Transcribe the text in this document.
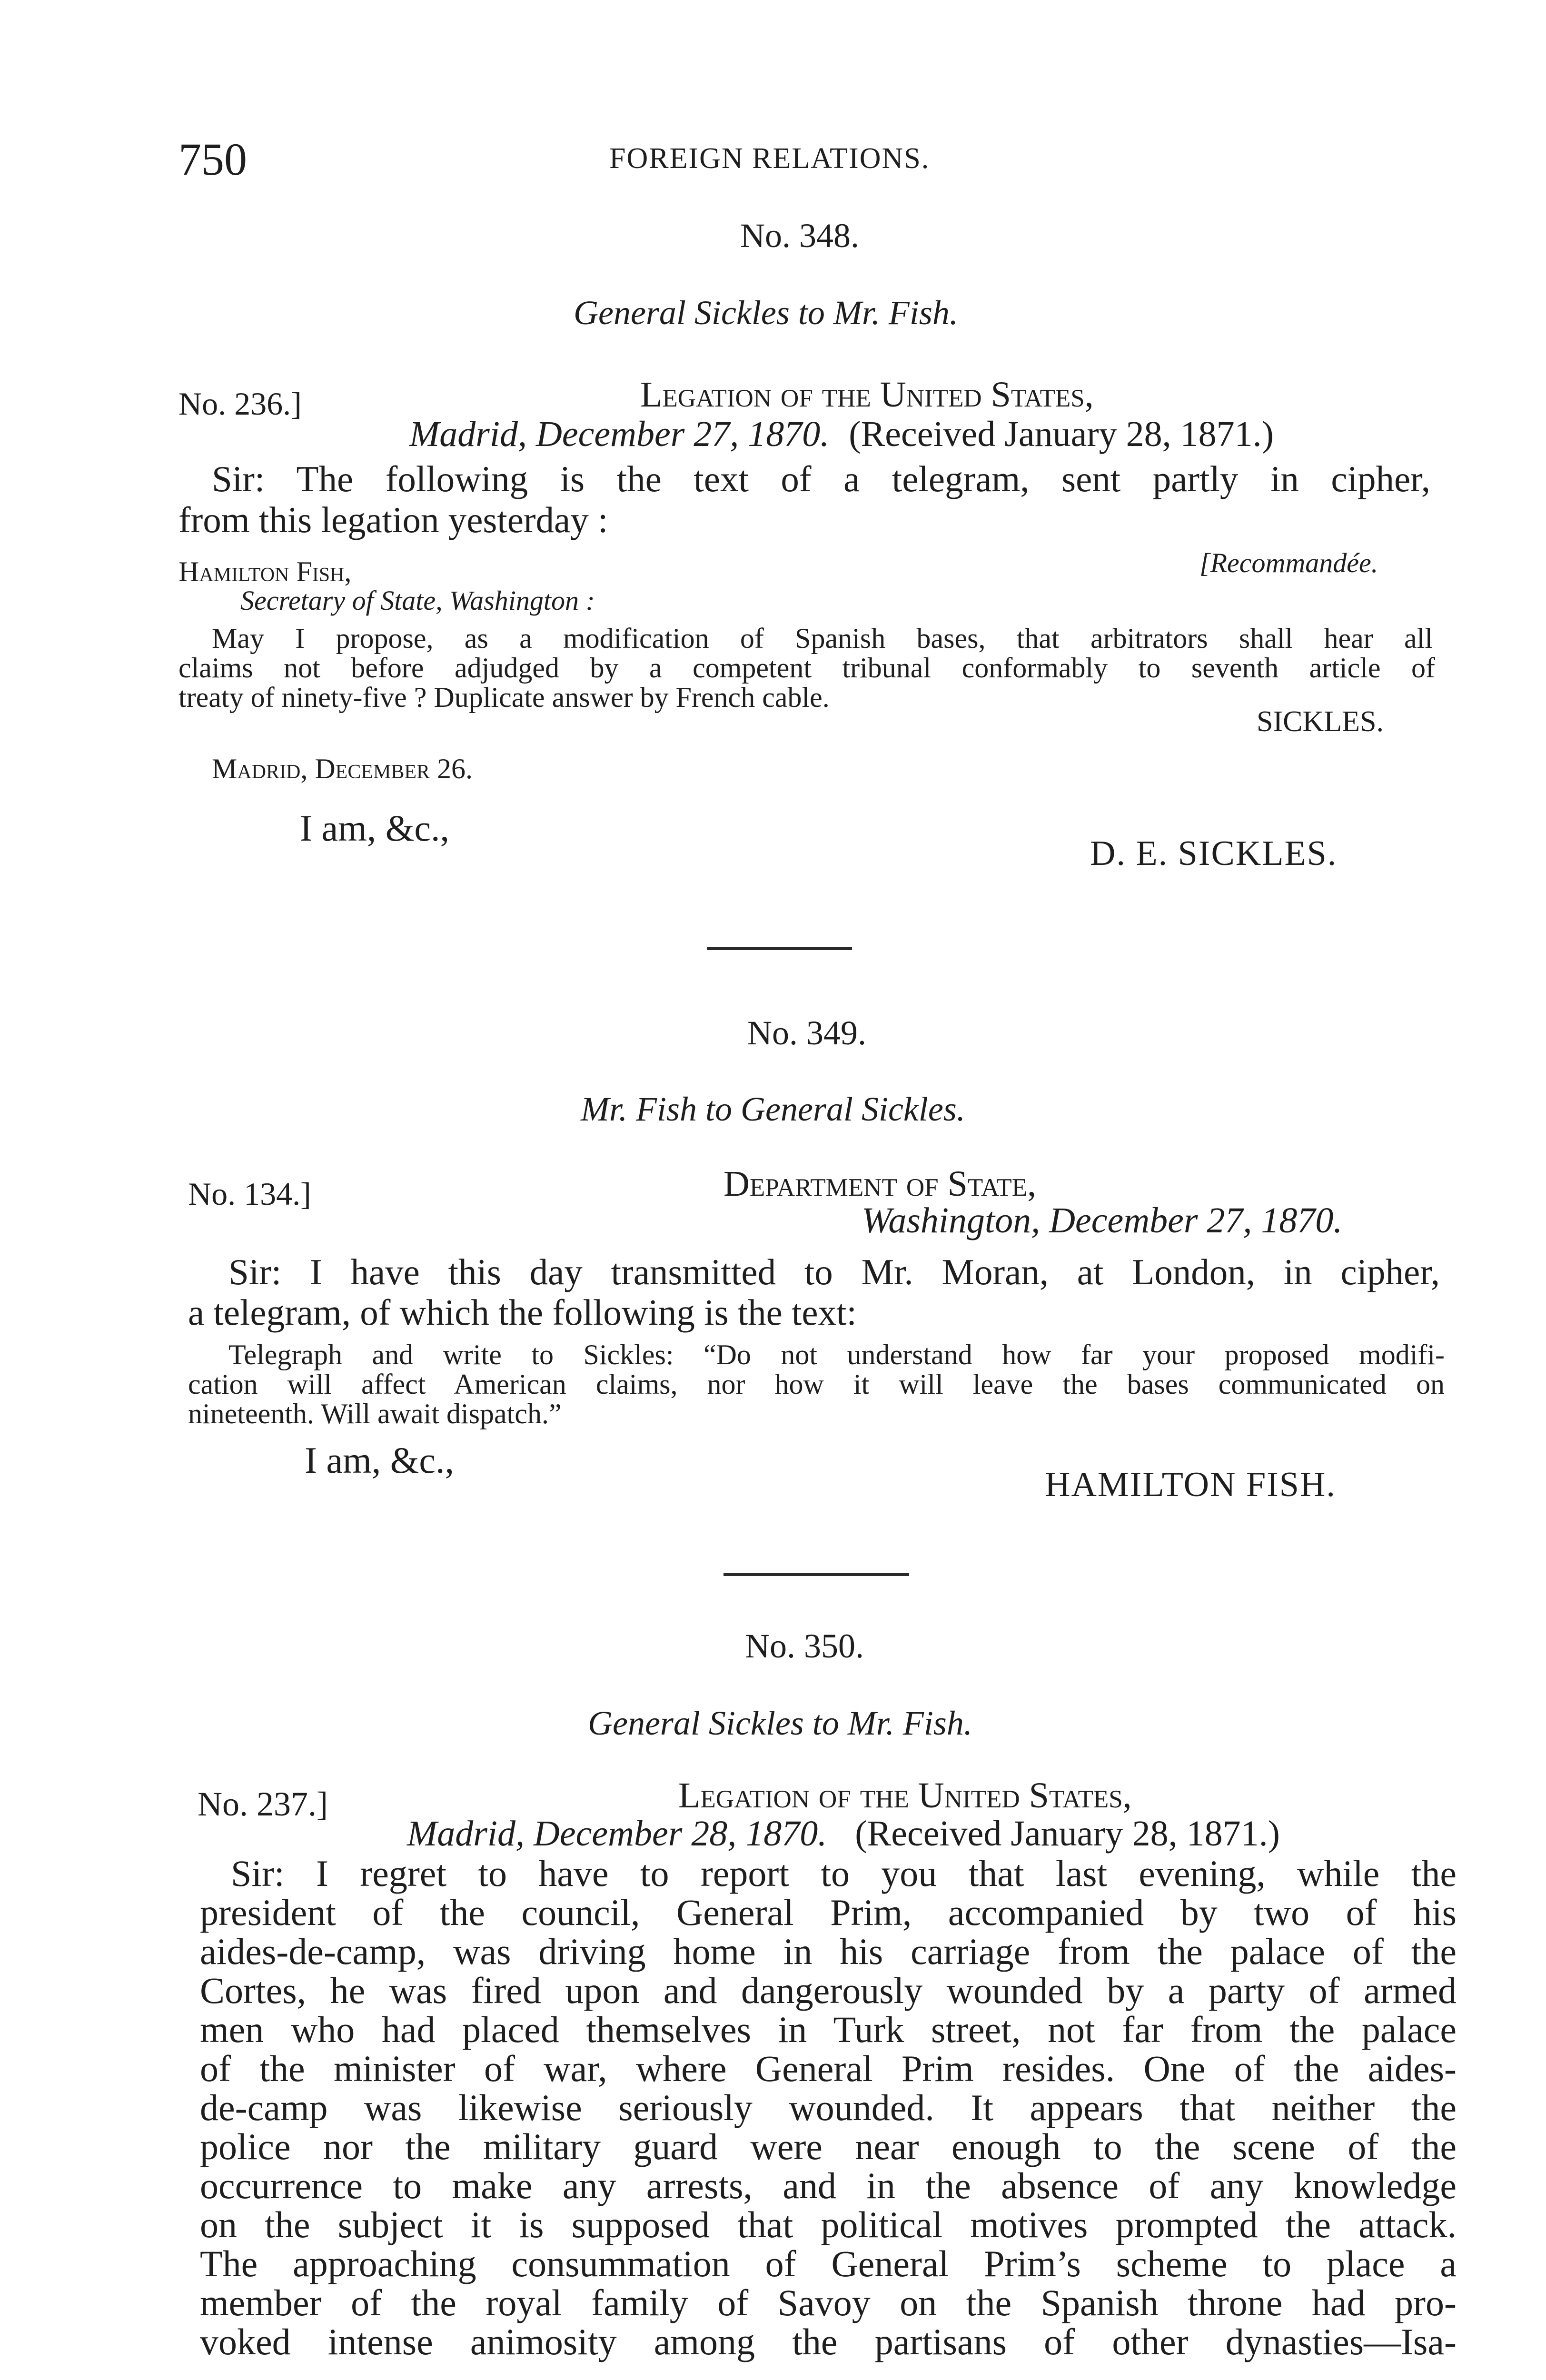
750	FOREIGN RELATIONS.
No. 348.
General Sickles to Mr. Fish.
No. 236.]	Legation of the United States,
Madrid, December 27, 1870. (Received January 28, 1871.)
Sir: The following is the text of a telegram, sent partly in cipher,
from this legation yesterday :
Hamilton Fish,	[Recommandée.
Secretary of State, Washington :
May I propose, as a modification of Spanish bases, that arbitrators shall hear all
claims not before adjudged by a competent tribunal conformably to seventh article of
treaty of ninety-five ? Duplicate answer by French cable.
SICKLES.
Madrid, December 26.
I am, &c.,
D. E. SICKLES.
No. 349.
Mr. Fish to General Sickles.
No. 134.]	Department of State,
Washington, December 27, 1870.
Sir: I have this day transmitted to Mr. Moran, at London, in cipher,
a telegram, of which the following is the text:
Telegraph and write to Sickles: “Do not understand how far your proposed modifi-
cation will affect American claims, nor how it will leave the bases communicated on
nineteenth. Will await dispatch.”
I am, &c.,
HAMILTON FISH.
No. 350.
General Sickles to Mr. Fish.
No. 237.]	Legation of the United States,
Madrid, December 28, 1870. (Received January 28, 1871.)
Sir: I regret to have to report to you that last evening, while the
president of the council, General Prim, accompanied by two of his
aides-de-camp, was driving home in his carriage from the palace of the
Cortes, he was fired upon and dangerously wounded by a party of armed
men who had placed themselves in Turk street, not far from the palace
of the minister of war, where General Prim resides. One of the aides-
de-camp was likewise seriously wounded. It appears that neither the
police nor the military guard were near enough to the scene of the
occurrence to make any arrests, and in the absence of any knowledge
on the subject it is supposed that political motives prompted the attack.
The approaching consummation of General Prim’s scheme to place a
member of the royal family of Savoy on the Spanish throne had pro-
voked intense animosity among the partisans of other dynasties—Isa-
